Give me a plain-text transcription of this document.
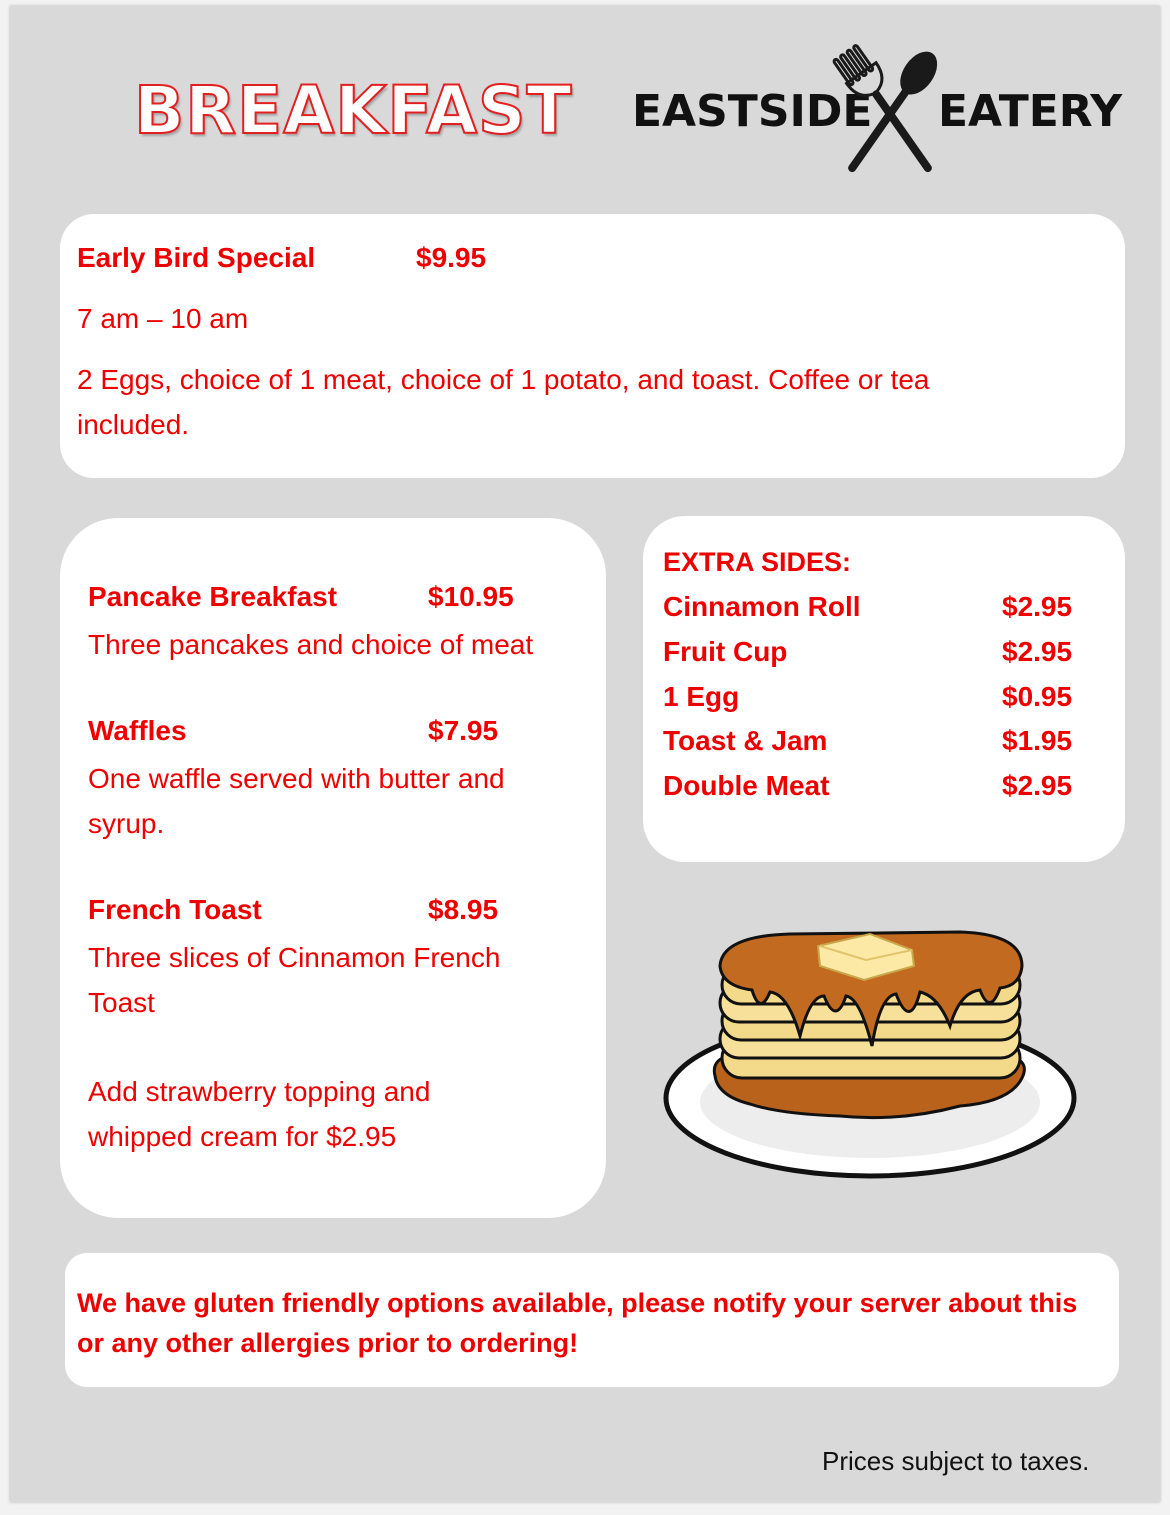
BREAKFAST EASTSIDE EATERY

Early Bird Special	$9.95

7 am – 10 am

2 Eggs, choice of 1 meat, choice of 1 potato, and toast. Coffee or tea included.

Pancake Breakfast	$10.95

Three pancakes and choice of meat

Waffles	$7.95

One waffle served with butter and syrup.

French Toast	$8.95

Three slices of Cinnamon French Toast

Add strawberry topping and whipped cream for $2.95

EXTRA SIDES:

Cinnamon Roll	$2.95

Fruit Cup	$2.95

1 Egg	$0.95

Toast & Jam	$1.95

Double Meat	$2.95

We have gluten friendly options available, please notify your server about this or any other allergies prior to ordering!

Prices subject to taxes.
